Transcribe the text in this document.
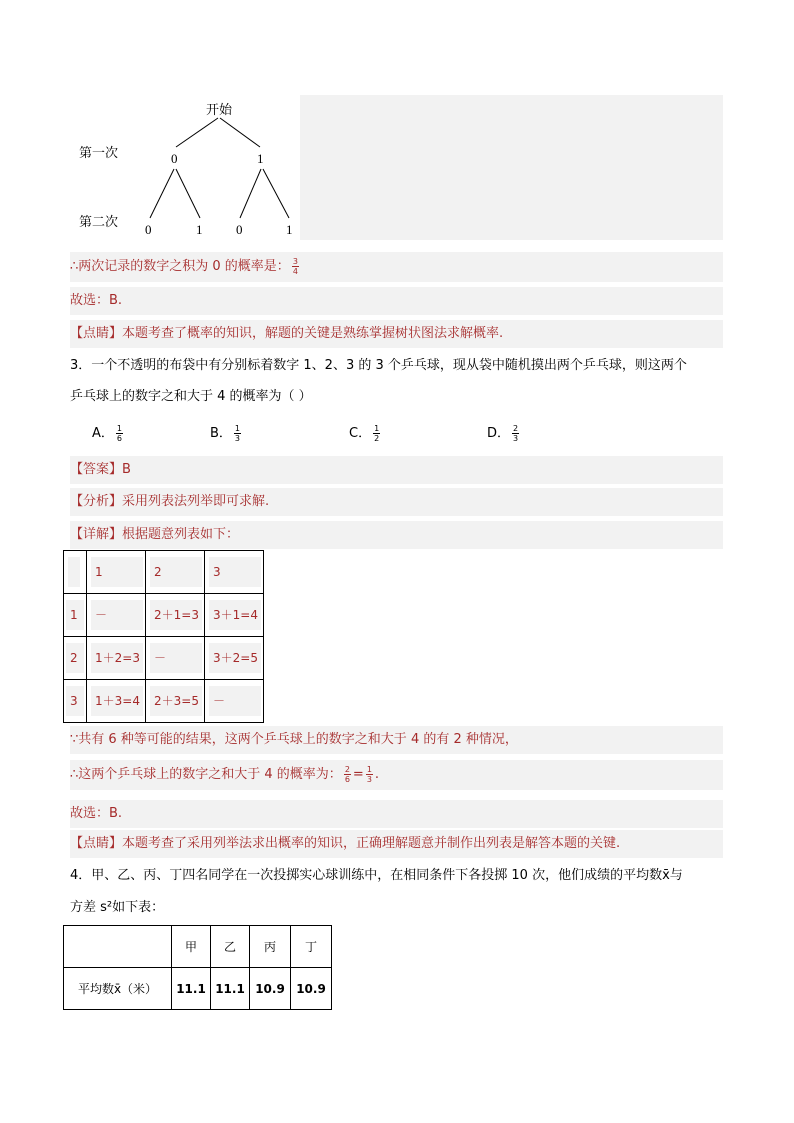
开始
第一次
第二次
0	1
0	1	0	1
∴两次记录的数字之积为 0 的概率是： $\frac{3}{4}$
故选：B.
【点睛】本题考查了概率的知识，解题的关键是熟练掌握树状图法求解概率.
3．一个不透明的布袋中有分别标着数字 1、2、3 的 3 个乒乓球，现从袋中随机摸出两个乒乓球，则这两个
乒乓球上的数字之和大于 4 的概率为（ ）
A． $\frac{1}{6}$	B． $\frac{1}{3}$	C． $\frac{1}{2}$	D． $\frac{2}{3}$
【答案】B
【分析】采用列表法列举即可求解.
【详解】根据题意列表如下：

	1	2	3

1	－	2＋1=3	3＋1=4

2	1＋2=3	－	3＋2=5

3	1＋3=4	2＋3=5	－
∵共有 6 种等可能的结果，这两个乒乓球上的数字之和大于 4 的有 2 种情况，
∴这两个乒乓球上的数字之和大于 4 的概率为： $\frac{2}{6} = \frac{1}{3}$ .
故选：B.
【点睛】本题考查了采用列举法求出概率的知识，正确理解题意并制作出列表是解答本题的关键.
4．甲、乙、丙、丁四名同学在一次投掷实心球训练中，在相同条件下各投掷 10 次，他们成绩的平均数x̄与
方差 s²如下表：
	甲	乙	丙	丁
平均数x̄（米）	11.1	11.1	10.9	10.9
